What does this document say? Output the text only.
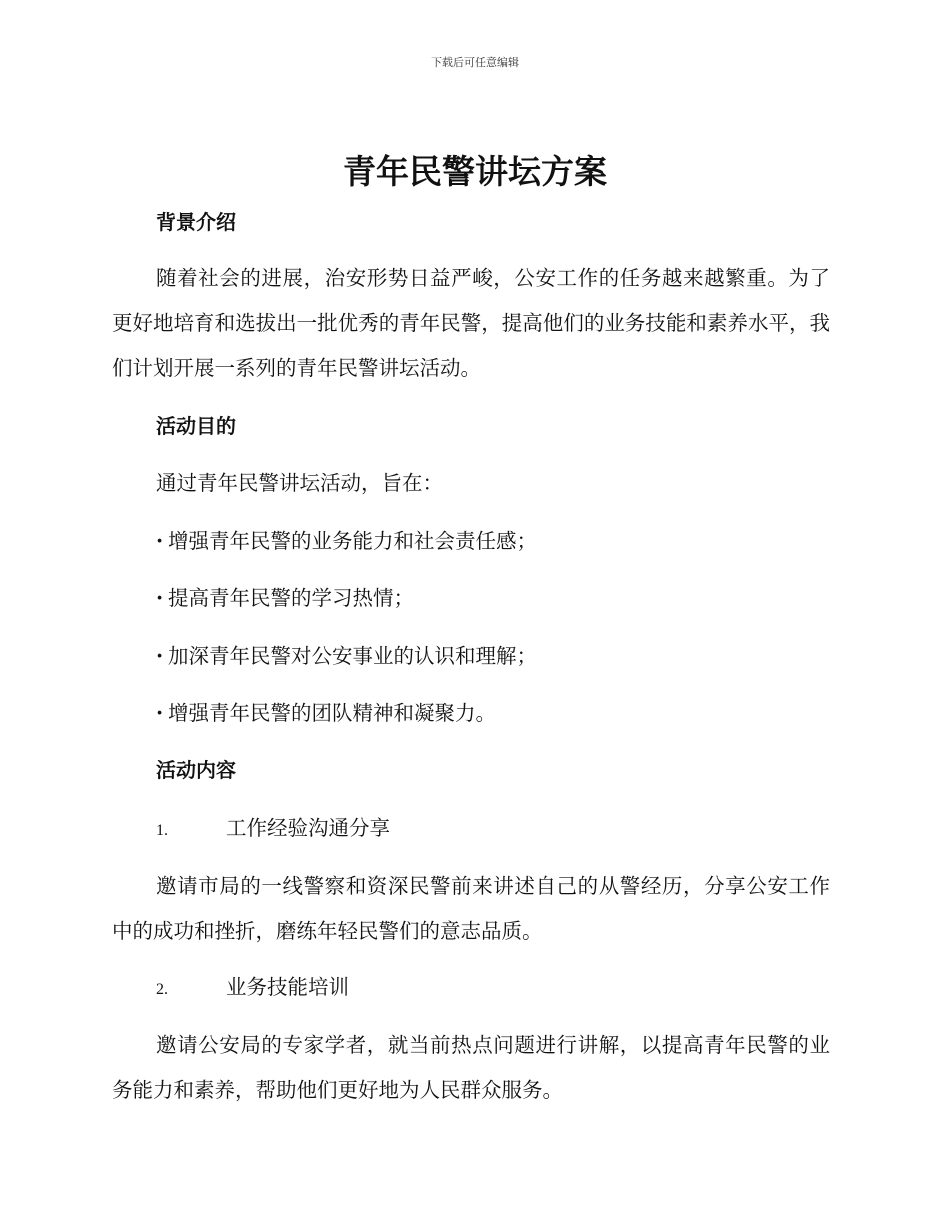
下载后可任意编辑
青年民警讲坛方案
背景介绍

随着社会的进展，治安形势日益严峻，公安工作的任务越来越繁重。为了更好地培育和选拔出一批优秀的青年民警，提高他们的业务技能和素养水平，我们计划开展一系列的青年民警讲坛活动。

活动目的

通过青年民警讲坛活动，旨在：

· 增强青年民警的业务能力和社会责任感；

· 提高青年民警的学习热情；

· 加深青年民警对公安事业的认识和理解；

· 增强青年民警的团队精神和凝聚力。

活动内容
1.	工作经验沟通分享

邀请市局的一线警察和资深民警前来讲述自己的从警经历，分享公安工作中的成功和挫折，磨练年轻民警们的意志品质。

2.	业务技能培训

邀请公安局的专家学者，就当前热点问题进行讲解，以提高青年民警的业务能力和素养，帮助他们更好地为人民群众服务。
